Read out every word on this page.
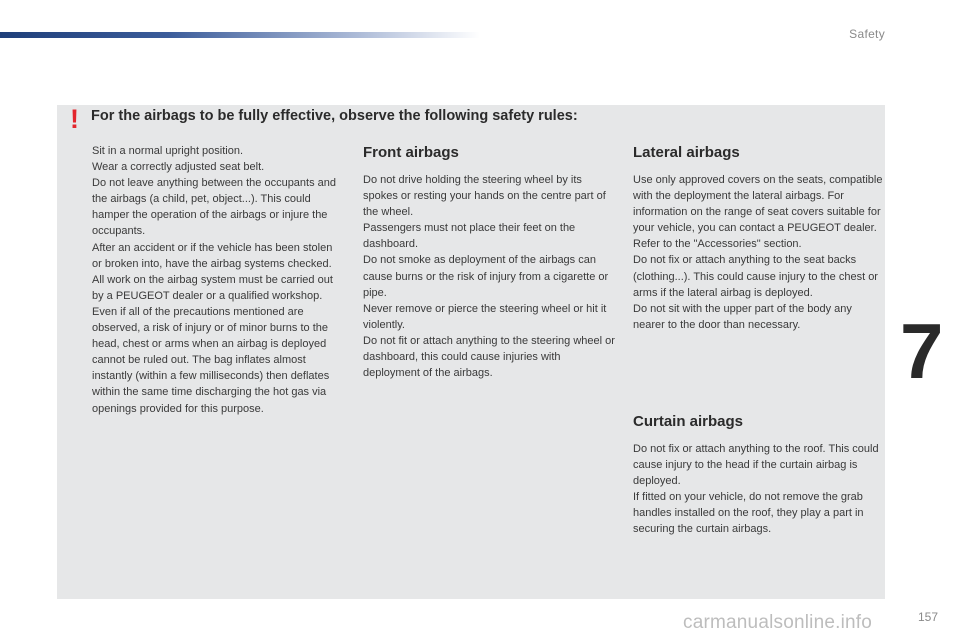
Safety
! For the airbags to be fully effective, observe the following safety rules:

Sit in a normal upright position.

Wear a correctly adjusted seat belt.

Do not leave anything between the occupants and the airbags (a child, pet, object...). This could hamper the operation of the airbags or injure the occupants.

After an accident or if the vehicle has been stolen or broken into, have the airbag systems checked.

All work on the airbag system must be carried out by a PEUGEOT dealer or a qualified workshop.

Even if all of the precautions mentioned are observed, a risk of injury or of minor burns to the head, chest or arms when an airbag is deployed cannot be ruled out. The bag inflates almost instantly (within a few milliseconds) then deflates within the same time discharging the hot gas via openings provided for this purpose.

Front airbags

Do not drive holding the steering wheel by its spokes or resting your hands on the centre part of the wheel.

Passengers must not place their feet on the dashboard.

Do not smoke as deployment of the airbags can cause burns or the risk of injury from a cigarette or pipe.

Never remove or pierce the steering wheel or hit it violently.

Do not fit or attach anything to the steering wheel or dashboard, this could cause injuries with deployment of the airbags.

Lateral airbags

Use only approved covers on the seats, compatible with the deployment the lateral airbags. For information on the range of seat covers suitable for your vehicle, you can contact a PEUGEOT dealer.

Refer to the "Accessories" section.

Do not fix or attach anything to the seat backs (clothing...). This could cause injury to the chest or arms if the lateral airbag is deployed.

Do not sit with the upper part of the body any nearer to the door than necessary.

Curtain airbags

Do not fix or attach anything to the roof. This could cause injury to the head if the curtain airbag is deployed.

If fitted on your vehicle, do not remove the grab handles installed on the roof, they play a part in securing the curtain airbags.

7
carmanualsonline.info	157
